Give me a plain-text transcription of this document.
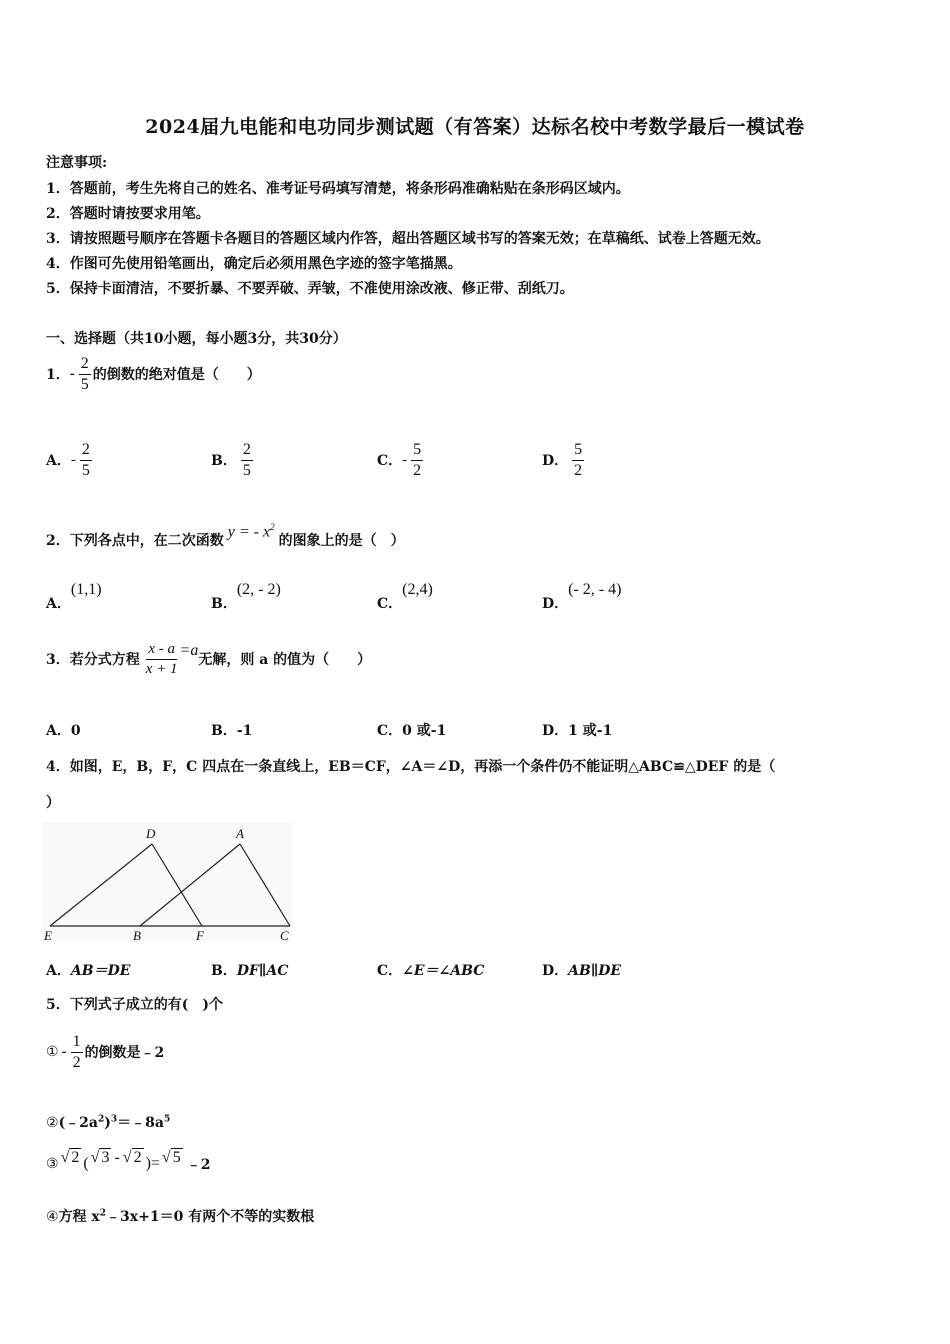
2024届九电能和电功同步测试题（有答案）达标名校中考数学最后一模试卷
注意事项:
1．答题前，考生先将自己的姓名、准考证号码填写清楚，将条形码准确粘贴在条形码区域内。
2．答题时请按要求用笔。
3．请按照题号顺序在答题卡各题目的答题区域内作答，超出答题区域书写的答案无效；在草稿纸、试卷上答题无效。
4．作图可先使用铅笔画出，确定后必须用黑色字迹的签字笔描黑。
5．保持卡面清洁，不要折暴、不要弄破、弄皱，不准使用涂改液、修正带、刮纸刀。
一、选择题（共10小题，每小题3分，共30分）
1． - $\frac{2}{5}$ 的倒数的绝对值是（　　）
A． - $\frac{2}{5}$	B． $\frac{2}{5}$	C． - $\frac{5}{2}$	D． $\frac{5}{2}$
2．下列各点中，在二次函数
y = - $x^2$
的图象上的是（　）
A．
(1,1)
B．
(2, - 2)
C．
(2,4)
D．
(- 2, - 4)
3．若分式方程 $\frac{x - a}{x + 1} =a$
无解，则 a 的值为（　　）
A．0	B．-1	C．0 或-1	D．1 或-1
4．如图，E，B，F，C 四点在一条直线上，EB＝CF，∠A＝∠D，再添一个条件仍不能证明△ABC≌△DEF 的是（
）
D	A
E	B	F	C
A．AB＝DE	B．DF∥AC	C．∠E＝∠ABC	D．AB∥DE
5．下列式子成立的有(　)个
① - $\frac{1}{2}$ 的倒数是﹣2
$②(﹣2a^2)^3=﹣8a^5$
③ √ 2 ( √ 3 - √ 2 )= √ 5 ﹣2
④方程 $x^2﹣3x+1=0$ 有两个不等的实数根
